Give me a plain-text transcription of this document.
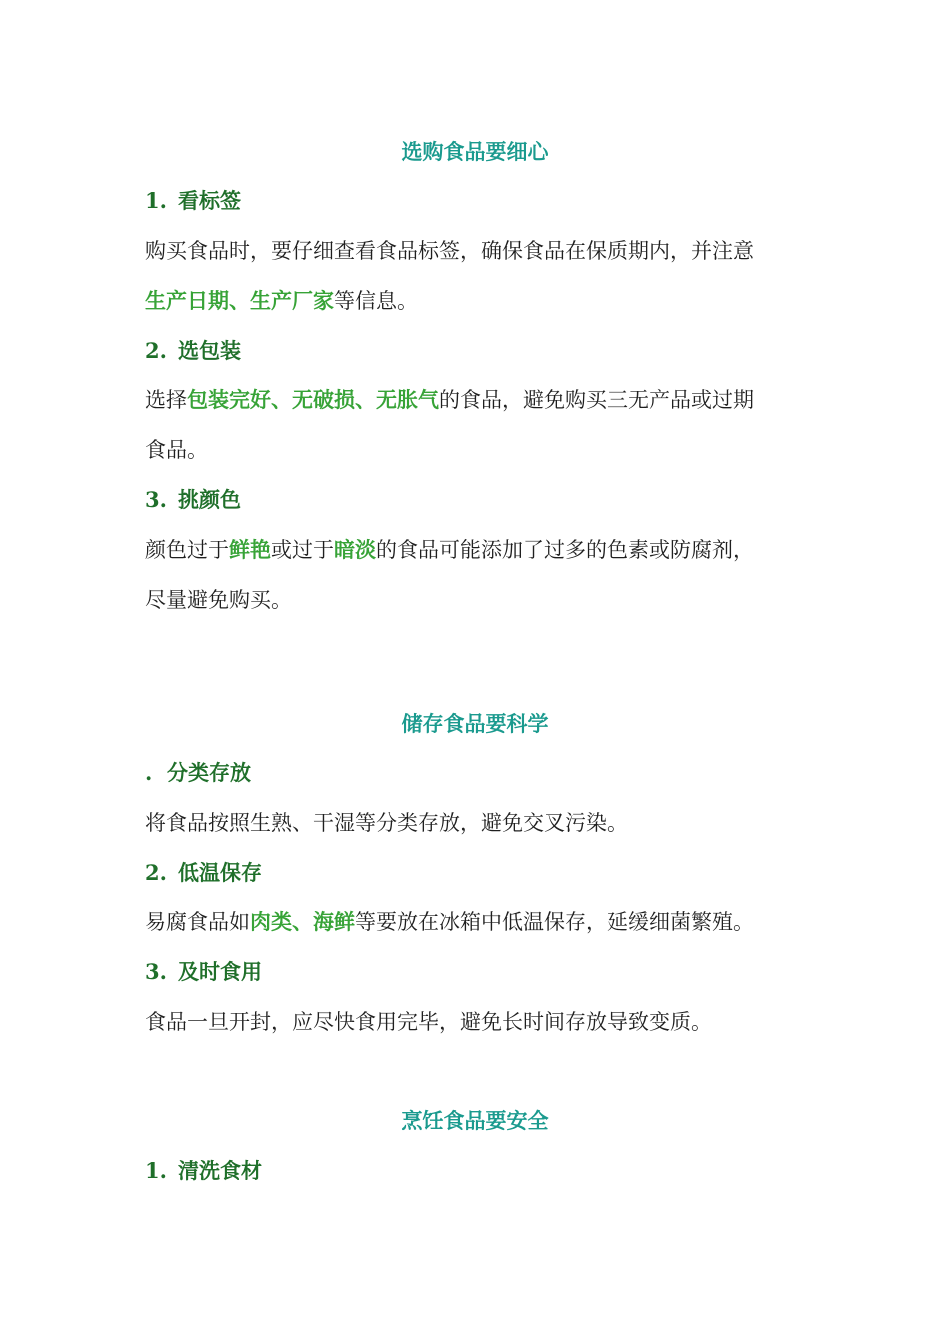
选购食品要细心
1. 看标签
购买食品时，要仔细查看食品标签，确保食品在保质期内，并注意
生产日期、生产厂家等信息。
2. 选包装
选择包装完好、无破损、无胀气的食品，避免购买三无产品或过期
食品。
3. 挑颜色
颜色过于鲜艳或过于暗淡的食品可能添加了过多的色素或防腐剂，
尽量避免购买。
储存食品要科学
. 分类存放
将食品按照生熟、干湿等分类存放，避免交叉污染。
2. 低温保存
易腐食品如肉类、海鲜等要放在冰箱中低温保存，延缓细菌繁殖。
3. 及时食用
食品一旦开封，应尽快食用完毕，避免长时间存放导致变质。
烹饪食品要安全
1. 清洗食材
